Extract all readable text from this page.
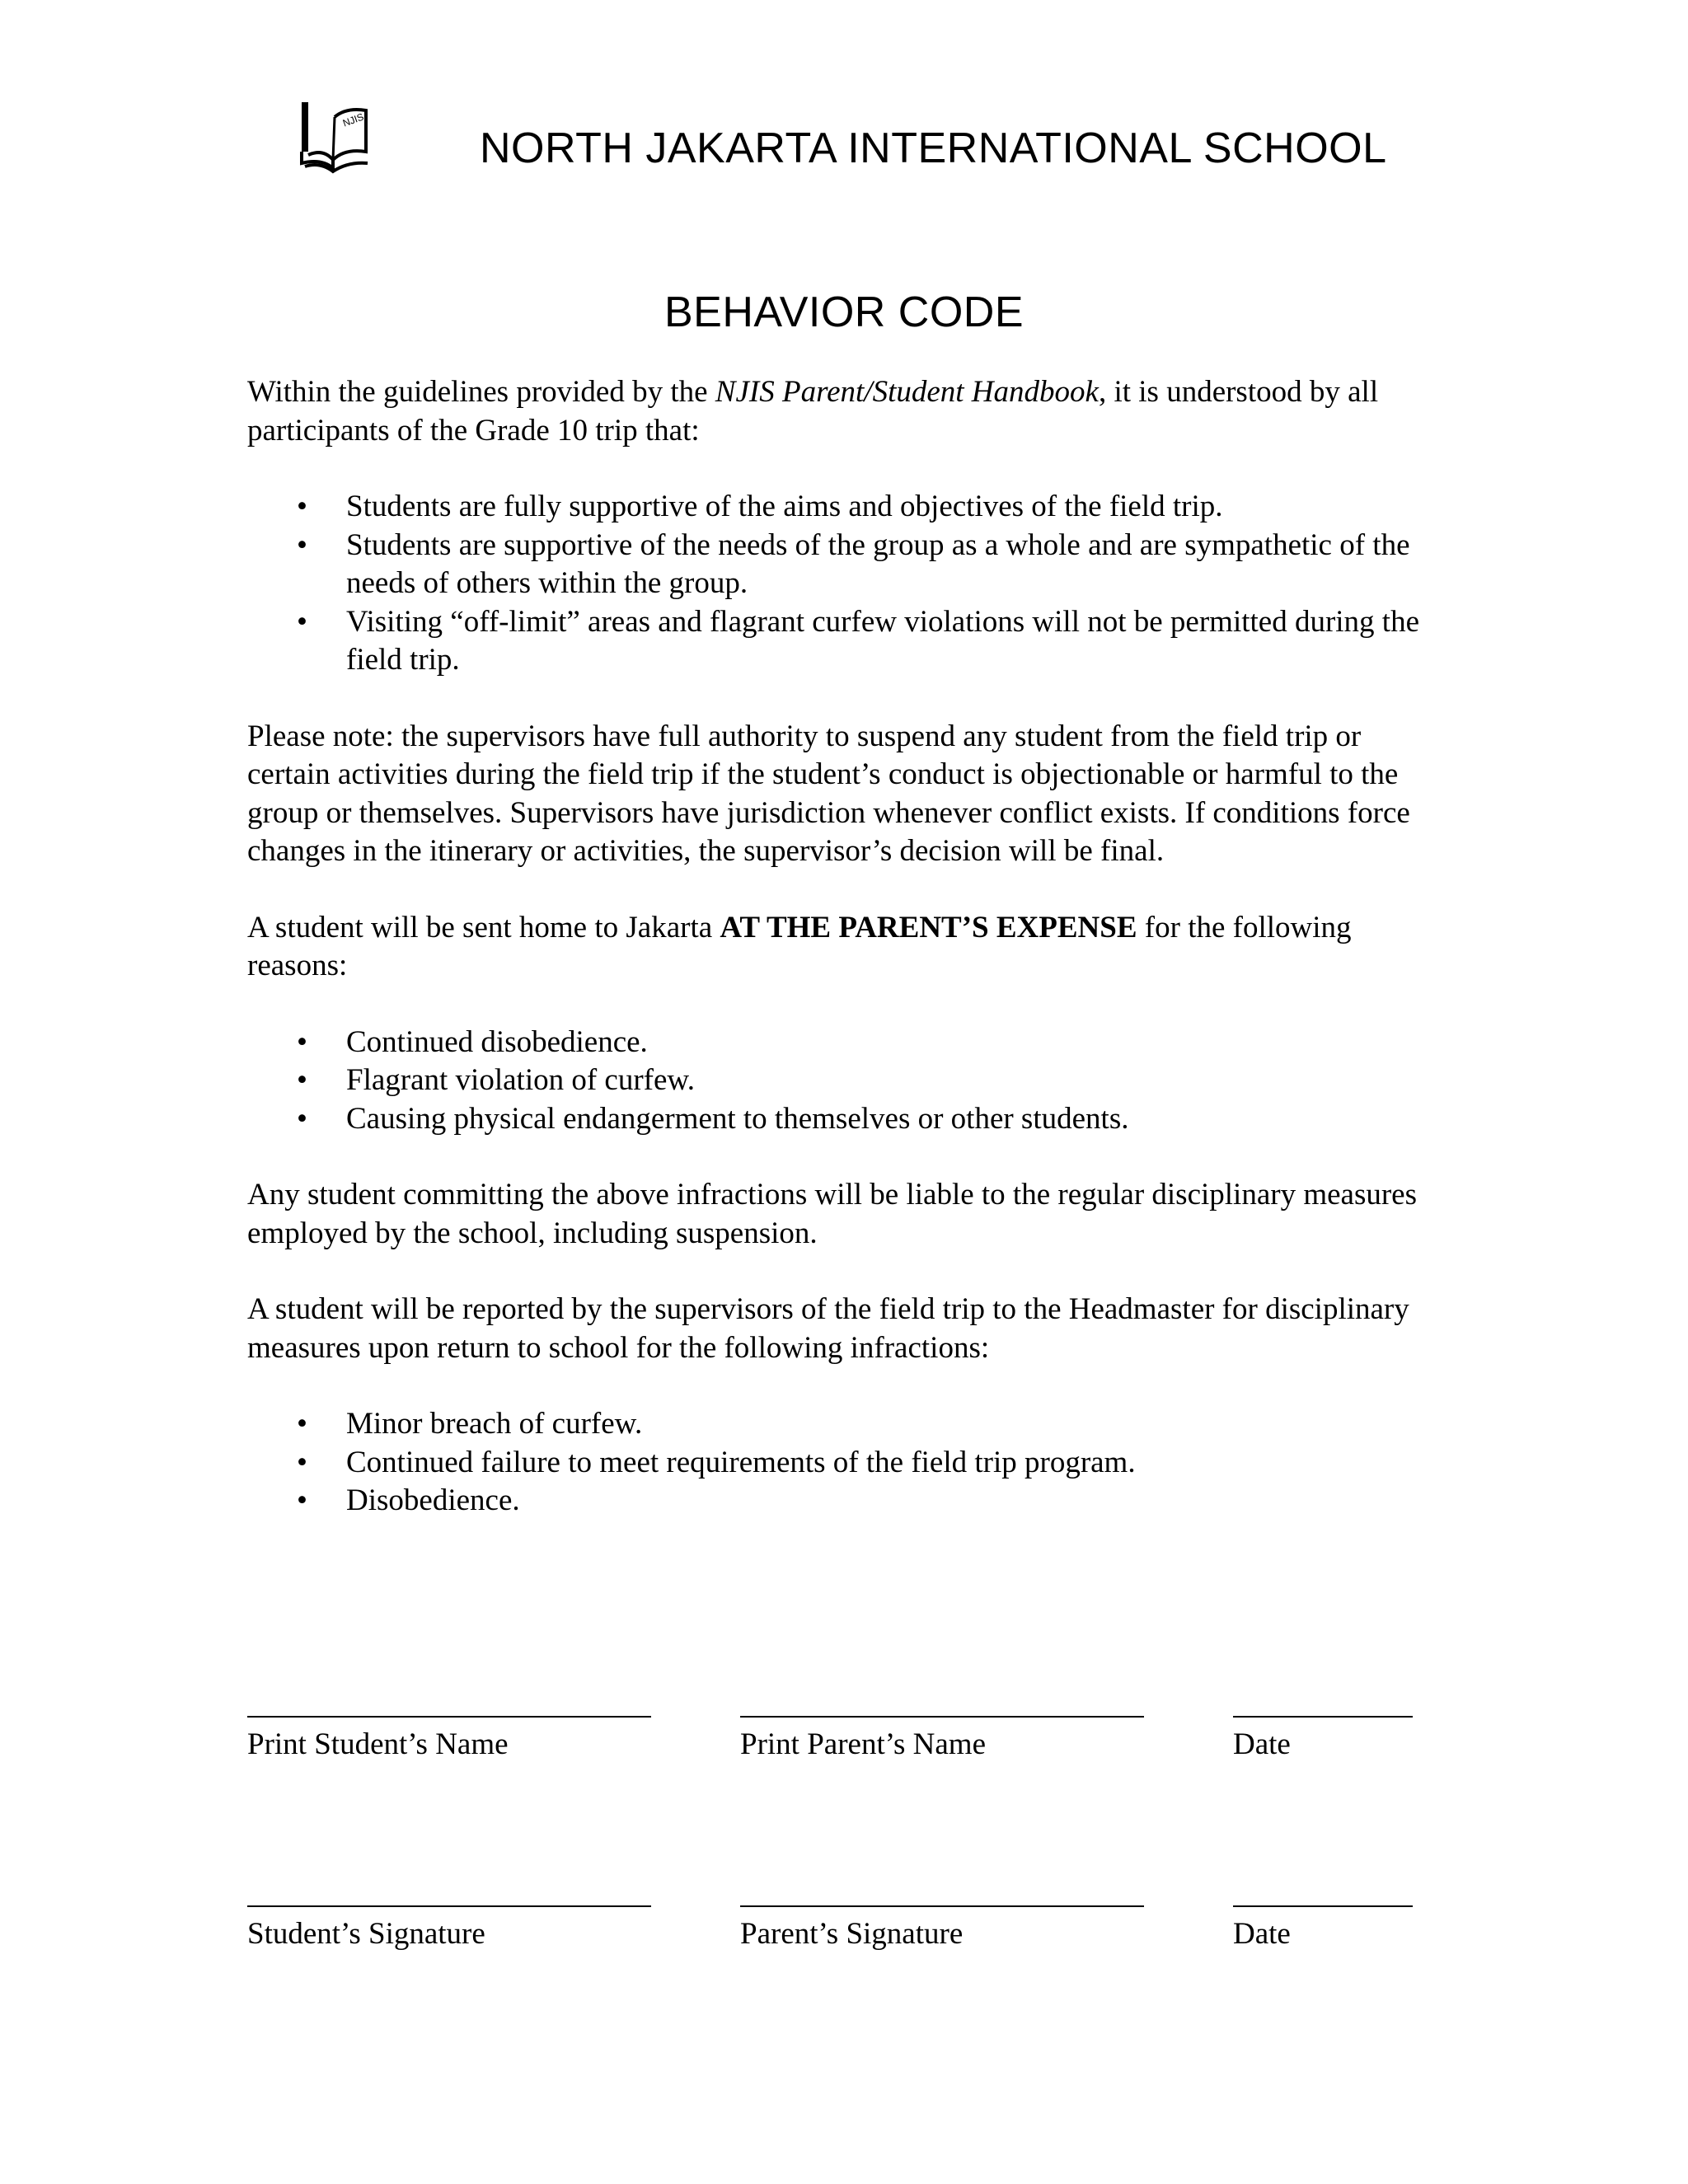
NJIS
NORTH JAKARTA INTERNATIONAL SCHOOL
BEHAVIOR CODE

Within the guidelines provided by the NJIS Parent/Student Handbook, it is understood by all participants of the Grade 10 trip that:

•	Students are fully supportive of the aims and objectives of the field trip.
•	Students are supportive of the needs of the group as a whole and are sympathetic of the needs of others within the group.
•	Visiting “off-limit” areas and flagrant curfew violations will not be permitted during the field trip.

Please note: the supervisors have full authority to suspend any student from the field trip or certain activities during the field trip if the student’s conduct is objectionable or harmful to the group or themselves. Supervisors have jurisdiction whenever conflict exists. If conditions force changes in the itinerary or activities, the supervisor’s decision will be final.

A student will be sent home to Jakarta AT THE PARENT’S EXPENSE for the following reasons:

•	Continued disobedience.
•	Flagrant violation of curfew.
•	Causing physical endangerment to themselves or other students.

Any student committing the above infractions will be liable to the regular disciplinary measures employed by the school, including suspension.

A student will be reported by the supervisors of the field trip to the Headmaster for disciplinary measures upon return to school for the following infractions:

•	Minor breach of curfew.
•	Continued failure to meet requirements of the field trip program.
•	Disobedience.
Print Student’s Name	Print Parent’s Name	Date
Student’s Signature	Parent’s Signature	Date
